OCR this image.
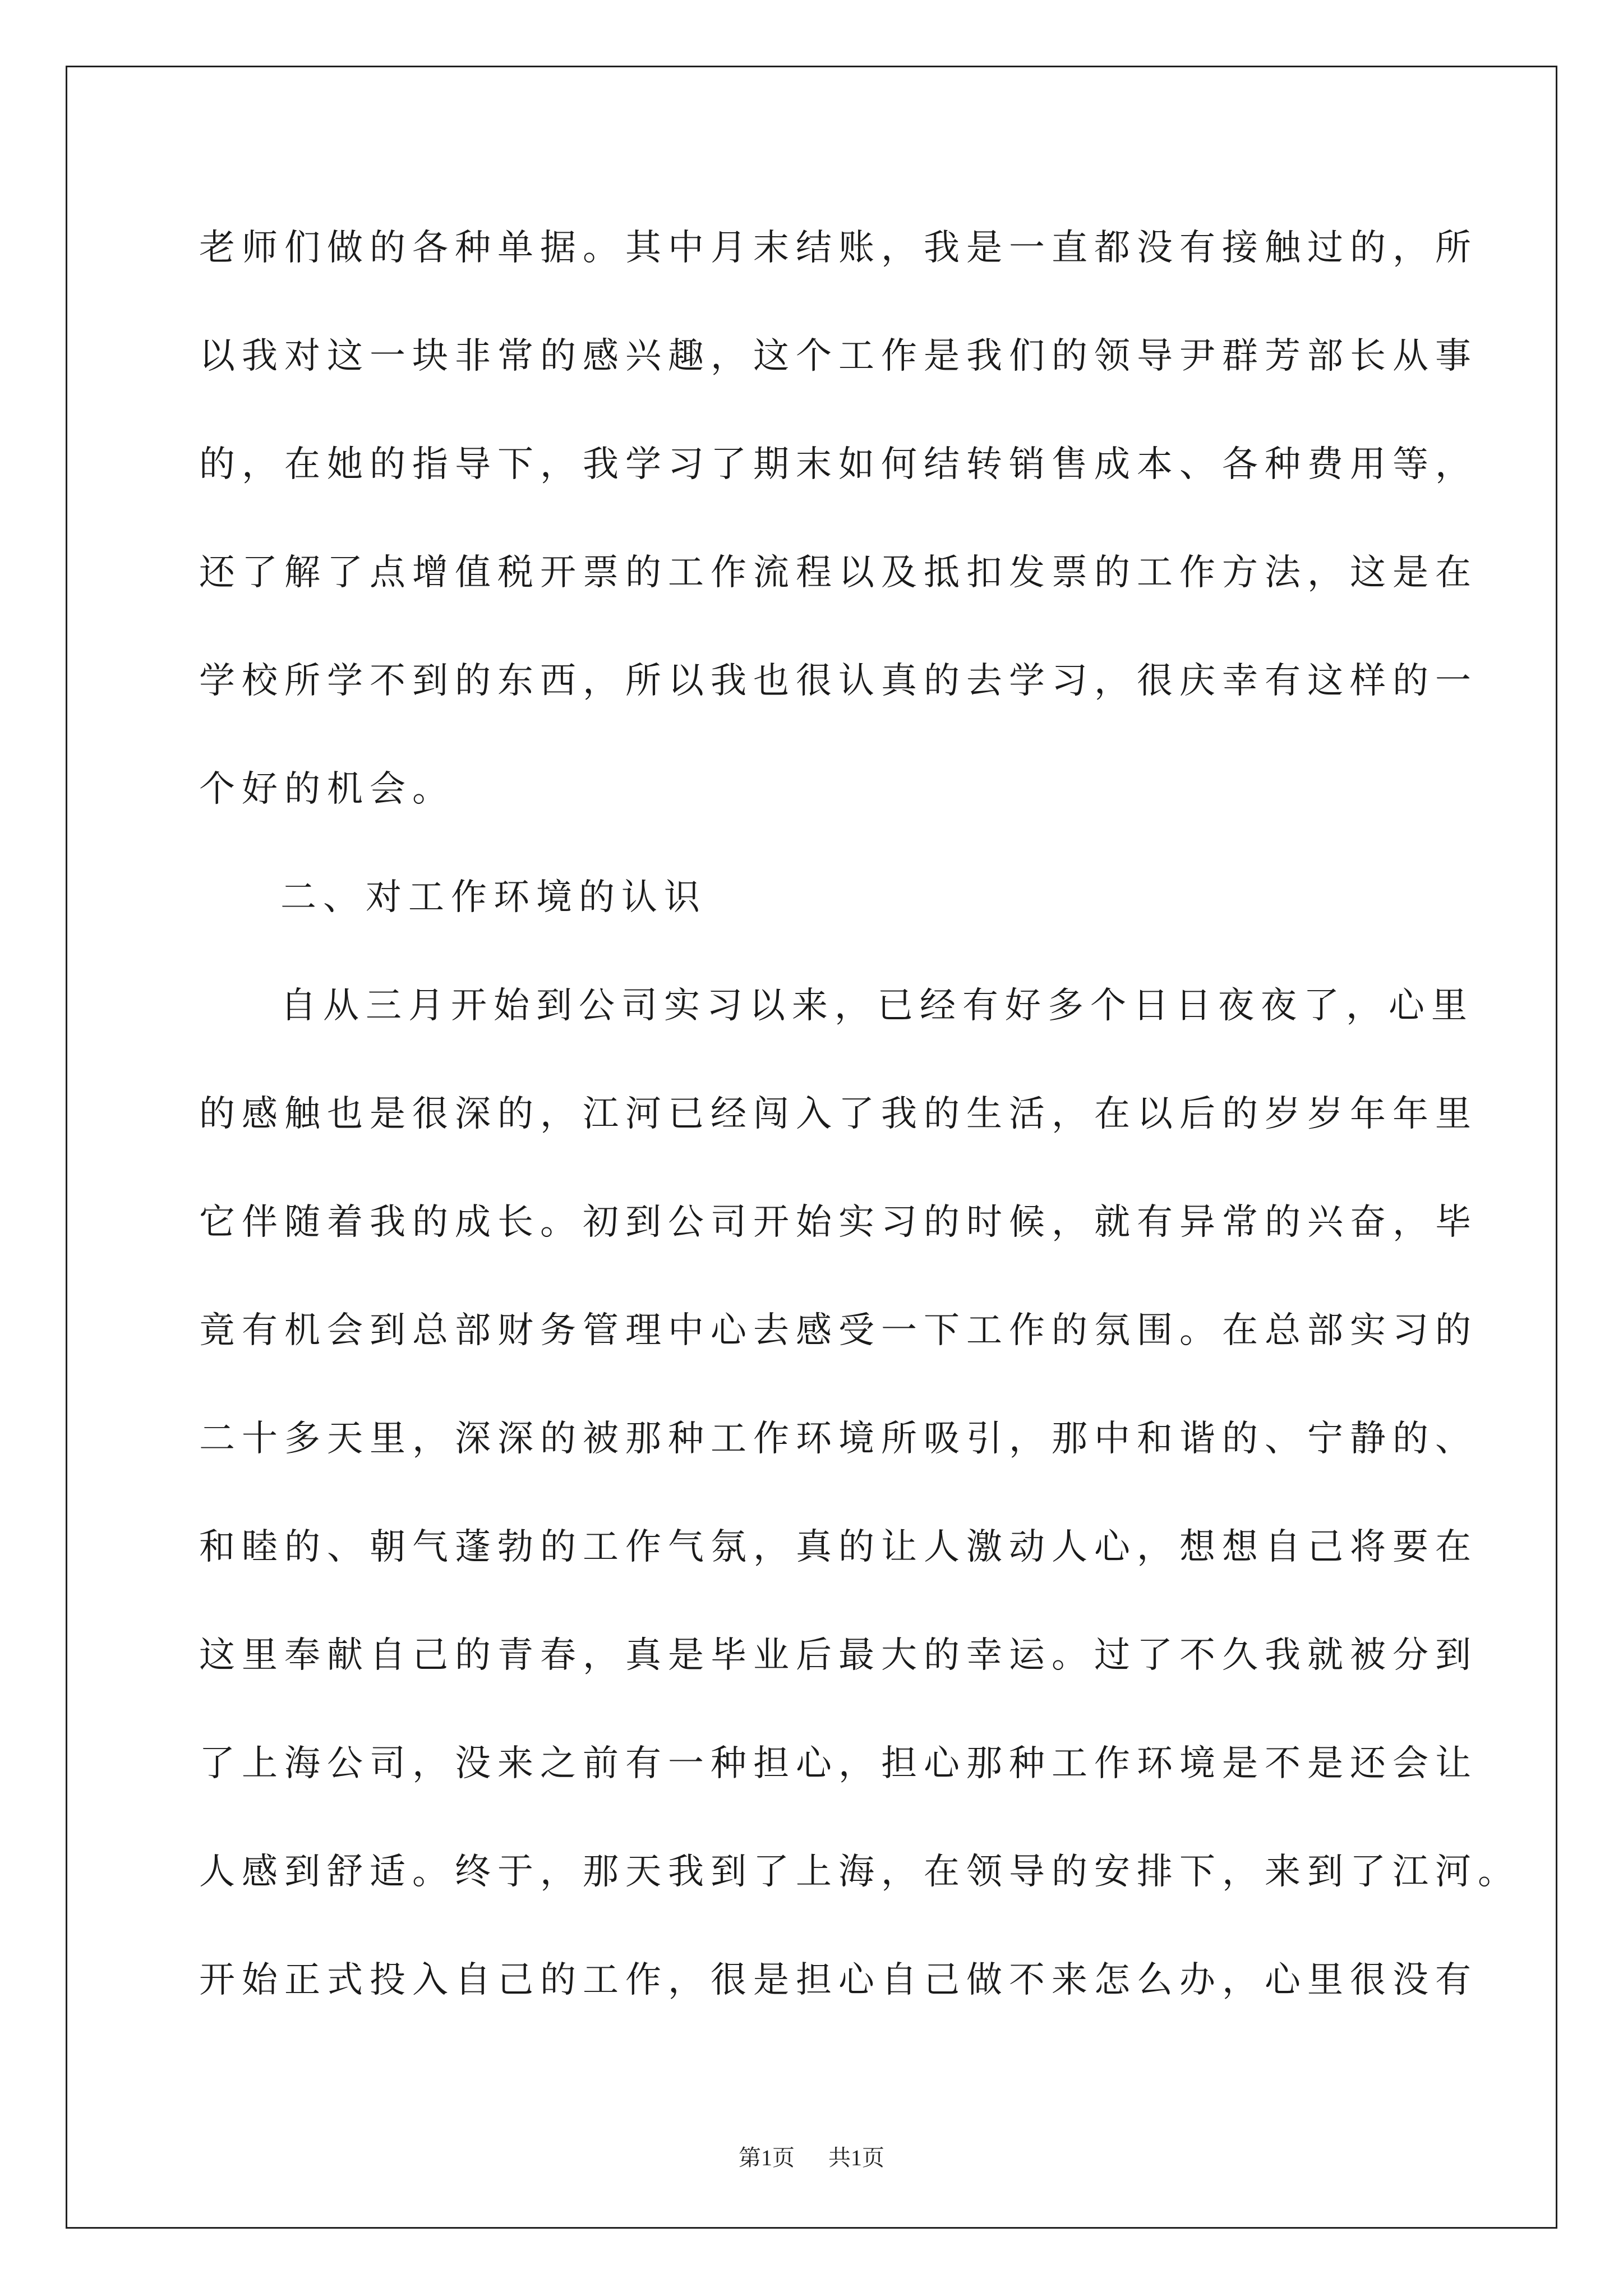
老师们做的各种单据。其中月末结账，我是一直都没有接触过的，所
以我对这一块非常的感兴趣，这个工作是我们的领导尹群芳部长从事
的，在她的指导下，我学习了期末如何结转销售成本、各种费用等，
还了解了点增值税开票的工作流程以及抵扣发票的工作方法，这是在
学校所学不到的东西，所以我也很认真的去学习，很庆幸有这样的一
个好的机会。
二、对工作环境的认识
自从三月开始到公司实习以来，已经有好多个日日夜夜了，心里
的感触也是很深的，江河已经闯入了我的生活，在以后的岁岁年年里
它伴随着我的成长。初到公司开始实习的时候，就有异常的兴奋，毕
竟有机会到总部财务管理中心去感受一下工作的氛围。在总部实习的
二十多天里，深深的被那种工作环境所吸引，那中和谐的、宁静的、
和睦的、朝气蓬勃的工作气氛，真的让人激动人心，想想自己将要在
这里奉献自己的青春，真是毕业后最大的幸运。过了不久我就被分到
了上海公司，没来之前有一种担心，担心那种工作环境是不是还会让
人感到舒适。终于，那天我到了上海，在领导的安排下，来到了江河。
开始正式投入自己的工作，很是担心自己做不来怎么办，心里很没有
第1页 共1页
